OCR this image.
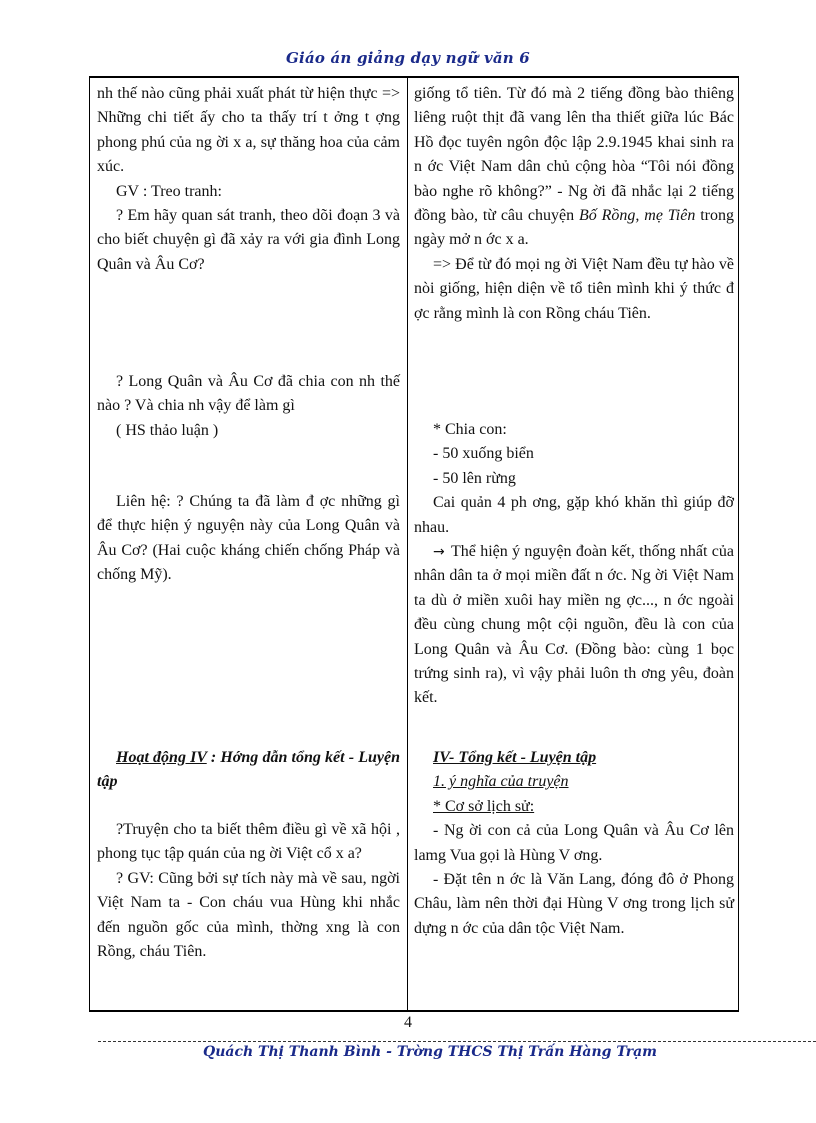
Giáo án giảng dạy ngữ văn 6

nh thế nào cũng phải xuất phát từ hiện thực => Những chi tiết ấy cho ta thấy trí t ởng t ợng phong phú của ng ời x a, sự thăng hoa của cảm xúc.

GV : Treo tranh:

? Em hãy quan sát tranh, theo dõi đoạn 3 và cho biết chuyện gì đã xảy ra với gia đình Long Quân và Âu Cơ?

? Long Quân và Âu Cơ đã chia con nh thế nào ? Và chia nh vậy để làm gì

( HS thảo luận )

Liên hệ: ? Chúng ta đã làm đ ợc những gì để thực hiện ý nguyện này của Long Quân và Âu Cơ? (Hai cuộc kháng chiến chống Pháp và chống Mỹ).

Hoạt động IV : Hớng dẫn tổng kết - Luyện tập

?Truyện cho ta biết thêm điều gì về xã hội , phong tục tập quán của ng ời Việt cổ x a?

? GV: Cũng bởi sự tích này mà về sau, ngời Việt Nam ta - Con cháu vua Hùng khi nhắc đến nguồn gốc của mình, thờng xng là con Rồng, cháu Tiên.

giống tổ tiên. Từ đó mà 2 tiếng đồng bào thiêng liêng ruột thịt đã vang lên tha thiết giữa lúc Bác Hồ đọc tuyên ngôn độc lập 2.9.1945 khai sinh ra n ớc Việt Nam dân chủ cộng hòa “Tôi nói đồng bào nghe rõ không?” - Ng ời đã nhắc lại 2 tiếng đồng bào, từ câu chuyện Bố Rồng, mẹ Tiên trong ngày mở n ớc x a.

=> Để từ đó mọi ng ời Việt Nam đều tự hào về nòi giống, hiện diện về tổ tiên mình khi ý thức đ ợc rằng mình là con Rồng cháu Tiên.

* Chia con:

- 50 xuống biển

- 50 lên rừng

Cai quản 4 ph ơng, gặp khó khăn thì giúp đỡ nhau.

→ Thể hiện ý nguyện đoàn kết, thống nhất của nhân dân ta ở mọi miền đất n ớc. Ng ời Việt Nam ta dù ở miền xuôi hay miền ng ợc..., n ớc ngoài đều cùng chung một cội nguồn, đều là con của Long Quân và Âu Cơ. (Đồng bào: cùng 1 bọc trứng sinh ra), vì vậy phải luôn th ơng yêu, đoàn kết.

IV- Tổng kết - Luyện tập

1. ý nghĩa của truyện

* Cơ sở lịch sử:

- Ng ời con cả của Long Quân và Âu Cơ lên lamg Vua gọi là Hùng V ơng.

- Đặt tên n ớc là Văn Lang, đóng đô ở Phong Châu, làm nên thời đại Hùng V ơng trong lịch sử dựng n ớc của dân tộc Việt Nam.

4
Quách Thị Thanh Bình - Trờng THCS Thị Trấn Hàng Trạm
